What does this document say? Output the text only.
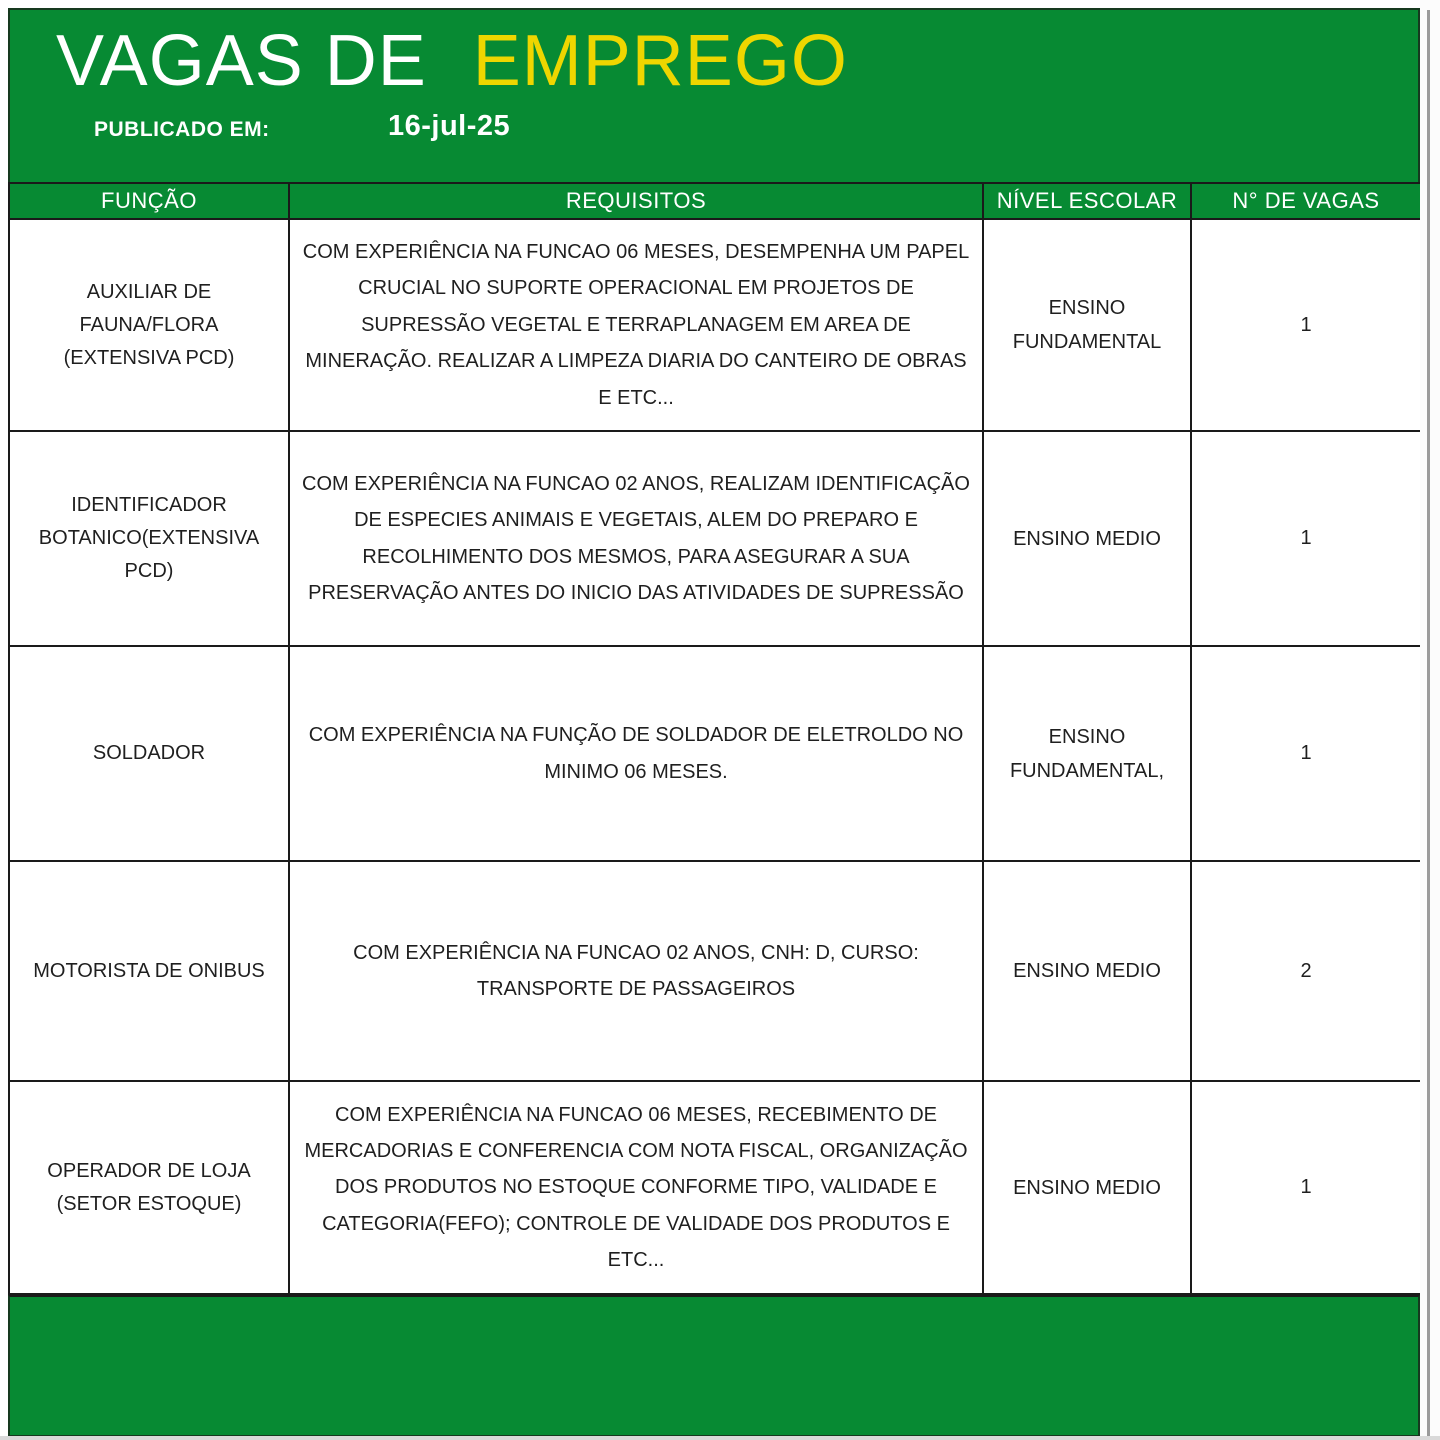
VAGAS DE EMPREGO
PUBLICADO EM:	16-jul-25
FUNÇÃO	REQUISITOS	NÍVEL ESCOLAR	N° DE VAGAS
AUXILIAR DE FAUNA/FLORA (EXTENSIVA PCD)	COM EXPERIÊNCIA NA FUNCAO 06 MESES, DESEMPENHA UM PAPEL CRUCIAL NO SUPORTE OPERACIONAL EM PROJETOS DE SUPRESSÃO VEGETAL E TERRAPLANAGEM EM AREA DE MINERAÇÃO. REALIZAR A LIMPEZA DIARIA DO CANTEIRO DE OBRAS E ETC...	ENSINO FUNDAMENTAL	1
IDENTIFICADOR BOTANICO(EXTENSIVA PCD)	COM EXPERIÊNCIA NA FUNCAO 02 ANOS, REALIZAM IDENTIFICAÇÃO DE ESPECIES ANIMAIS E VEGETAIS, ALEM DO PREPARO E RECOLHIMENTO DOS MESMOS, PARA ASEGURAR A SUA PRESERVAÇÃO ANTES DO INICIO DAS ATIVIDADES DE SUPRESSÃO	ENSINO MEDIO	1
SOLDADOR	COM EXPERIÊNCIA NA FUNÇÃO DE SOLDADOR DE ELETROLDO NO MINIMO 06 MESES.	ENSINO FUNDAMENTAL,	1
MOTORISTA DE ONIBUS	COM EXPERIÊNCIA NA FUNCAO 02 ANOS, CNH: D, CURSO: TRANSPORTE DE PASSAGEIROS	ENSINO MEDIO	2
OPERADOR DE LOJA (SETOR ESTOQUE)	COM EXPERIÊNCIA NA FUNCAO 06 MESES, RECEBIMENTO DE MERCADORIAS E CONFERENCIA COM NOTA FISCAL, ORGANIZAÇÃO DOS PRODUTOS NO ESTOQUE CONFORME TIPO, VALIDADE E CATEGORIA(FEFO); CONTROLE DE VALIDADE DOS PRODUTOS E ETC...	ENSINO MEDIO	1
